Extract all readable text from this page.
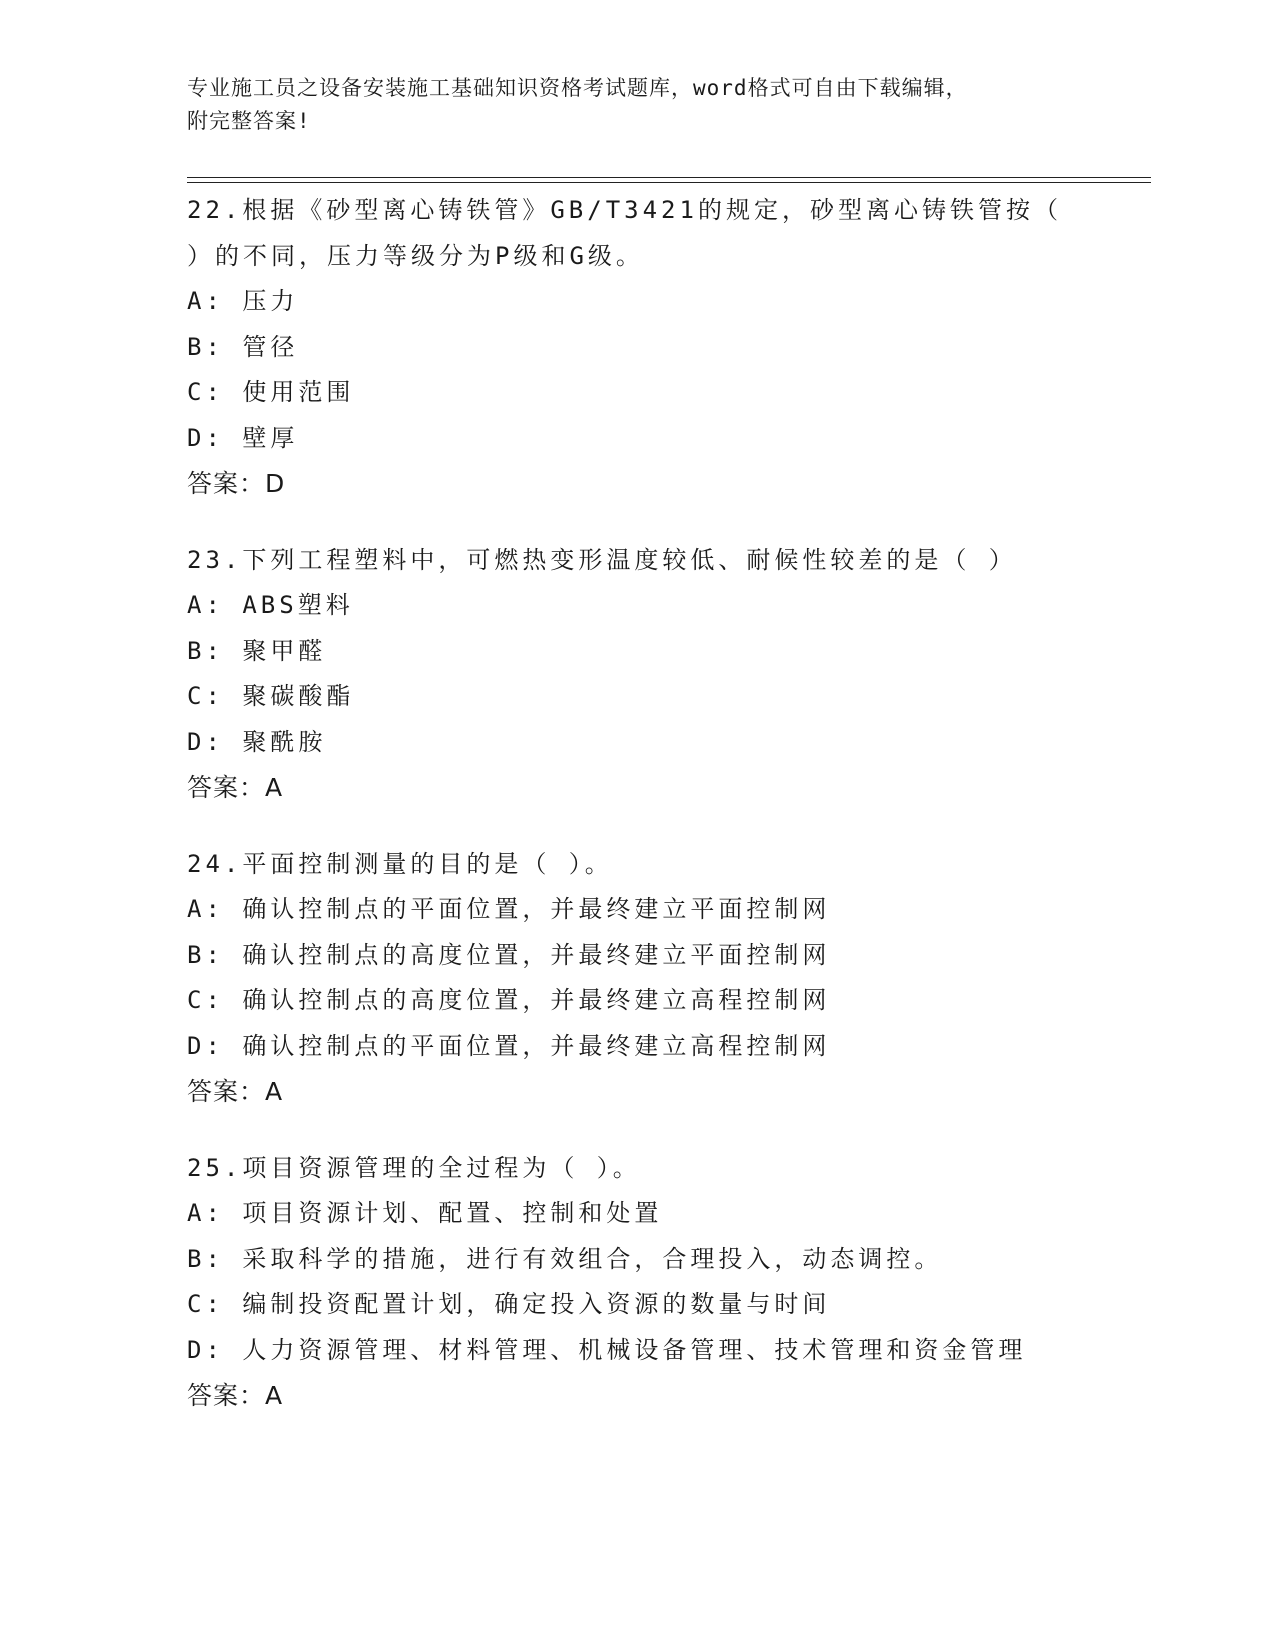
专业施工员之设备安装施工基础知识资格考试题库，word格式可自由下载编辑，
附完整答案!

22.根据《砂型离心铸铁管》GB/T3421的规定，砂型离心铸铁管按（

）的不同，压力等级分为P级和G级。

A: 压力

B: 管径

C: 使用范围

D: 壁厚

答案：D

23.下列工程塑料中，可燃热变形温度较低、耐候性较差的是（ ）

A: ABS塑料

B: 聚甲醛

C: 聚碳酸酯

D: 聚酰胺

答案：A

24.平面控制测量的目的是（ ）。

A: 确认控制点的平面位置，并最终建立平面控制网

B: 确认控制点的高度位置，并最终建立平面控制网

C: 确认控制点的高度位置，并最终建立高程控制网

D: 确认控制点的平面位置，并最终建立高程控制网

答案：A

25.项目资源管理的全过程为（ ）。

A: 项目资源计划、配置、控制和处置

B: 采取科学的措施，进行有效组合，合理投入，动态调控。

C: 编制投资配置计划，确定投入资源的数量与时间

D: 人力资源管理、材料管理、机械设备管理、技术管理和资金管理

答案：A
